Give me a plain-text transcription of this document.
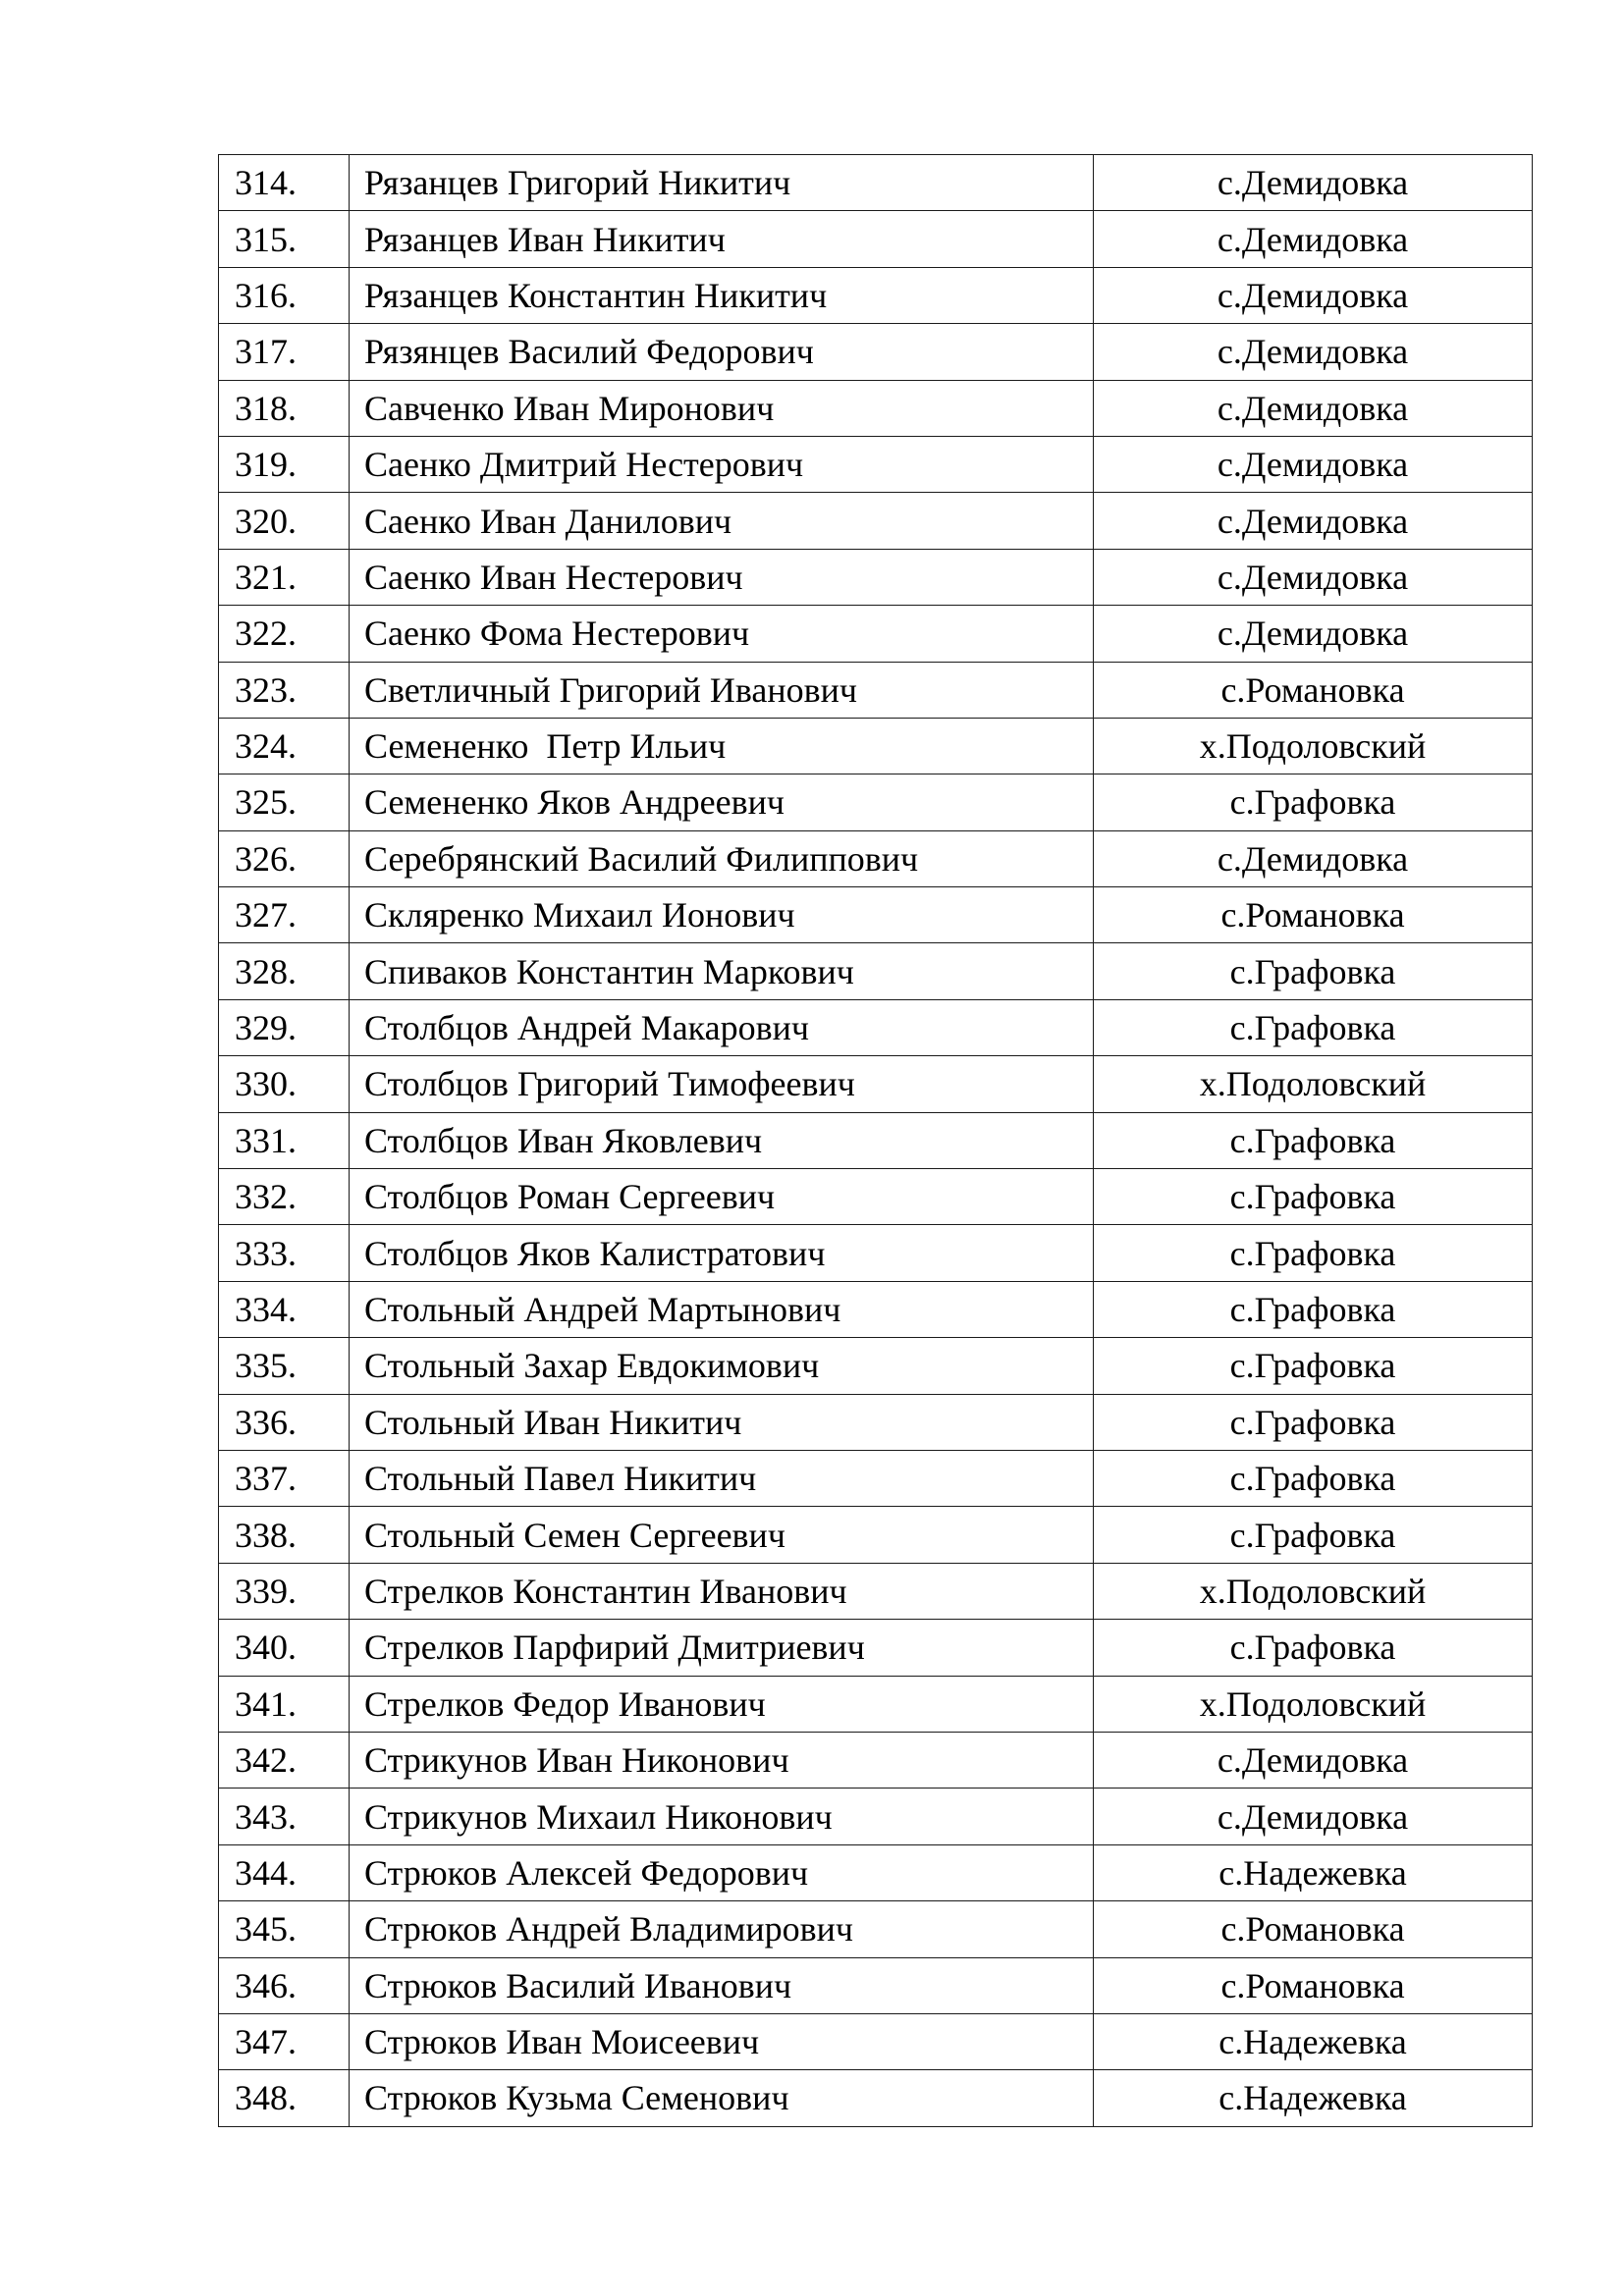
314.	Рязанцев Григорий Никитич	с.Демидовка
315.	Рязанцев Иван Никитич	с.Демидовка
316.	Рязанцев Константин Никитич	с.Демидовка
317.	Рязянцев Василий Федорович	с.Демидовка
318.	Савченко Иван Миронович	с.Демидовка
319.	Саенко Дмитрий Нестерович	с.Демидовка
320.	Саенко Иван Данилович	с.Демидовка
321.	Саенко Иван Нестерович	с.Демидовка
322.	Саенко Фома Нестерович	с.Демидовка
323.	Светличный Григорий Иванович	с.Романовка
324.	Семененко  Петр Ильич	х.Подоловский
325.	Семененко Яков Андреевич	с.Графовка
326.	Серебрянский Василий Филиппович	с.Демидовка
327.	Скляренко Михаил Ионович	с.Романовка
328.	Спиваков Константин Маркович	с.Графовка
329.	Столбцов Андрей Макарович	с.Графовка
330.	Столбцов Григорий Тимофеевич	х.Подоловский
331.	Столбцов Иван Яковлевич	с.Графовка
332.	Столбцов Роман Сергеевич	с.Графовка
333.	Столбцов Яков Калистратович	с.Графовка
334.	Стольный Андрей Мартынович	с.Графовка
335.	Стольный Захар Евдокимович	с.Графовка
336.	Стольный Иван Никитич	с.Графовка
337.	Стольный Павел Никитич	с.Графовка
338.	Стольный Семен Сергеевич	с.Графовка
339.	Стрелков Константин Иванович	х.Подоловский
340.	Стрелков Парфирий Дмитриевич	с.Графовка
341.	Стрелков Федор Иванович	х.Подоловский
342.	Стрикунов Иван Никонович	с.Демидовка
343.	Стрикунов Михаил Никонович	с.Демидовка
344.	Стрюков Алексей Федорович	с.Надежевка
345.	Стрюков Андрей Владимирович	с.Романовка
346.	Стрюков Василий Иванович	с.Романовка
347.	Стрюков Иван Моисеевич	с.Надежевка
348.	Стрюков Кузьма Семенович	с.Надежевка
